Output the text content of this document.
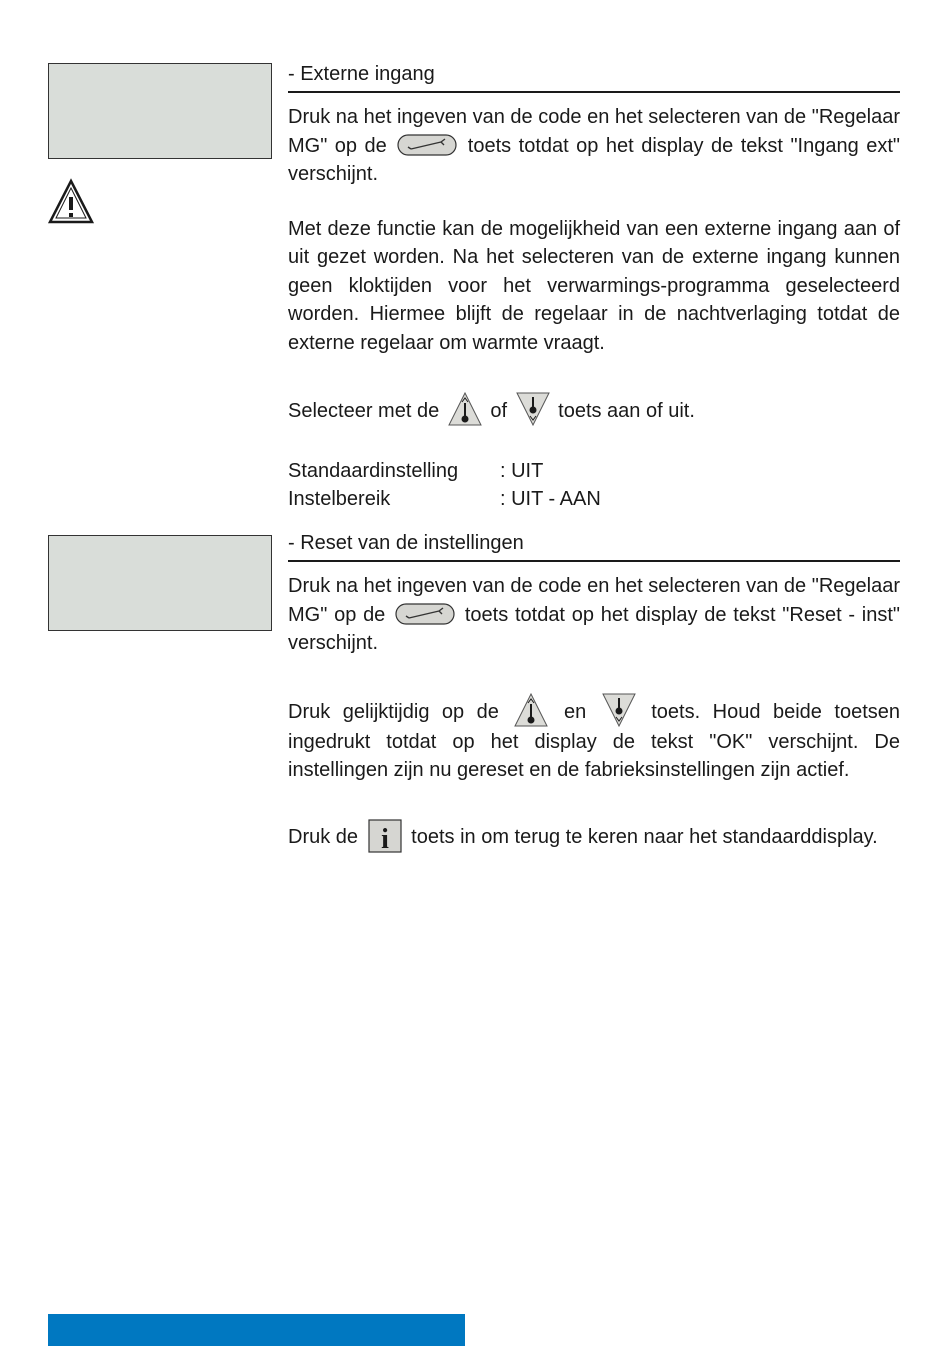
- Externe ingang

Druk na het ingeven van de code en het selecteren van de "Regelaar MG" op de	toets totdat op het display de tekst "Ingang ext" verschijnt.

Met deze functie kan de mogelijkheid van een externe ingang aan of uit gezet worden. Na het selecteren van de externe ingang kunnen geen kloktijden voor het verwarmings-programma geselecteerd worden. Hiermee blijft de regelaar in de nachtverlaging totdat de externe regelaar om warmte vraagt.

Selecteer met de	of	toets aan of uit.

Standaardinstelling	: UIT
Instelbereik	: UIT - AAN
- Reset van de instellingen

Druk na het ingeven van de code en het selecteren van de "Regelaar MG" op de	toets totdat op het display de tekst "Reset - inst" verschijnt.

Druk gelijktijdig op de	en	toets. Houd beide toetsen ingedrukt totdat op het display de tekst "OK" verschijnt. De instellingen zijn nu gereset en de fabrieksinstellingen zijn actief.

Druk de i toets in om terug te keren naar het standaarddisplay.
